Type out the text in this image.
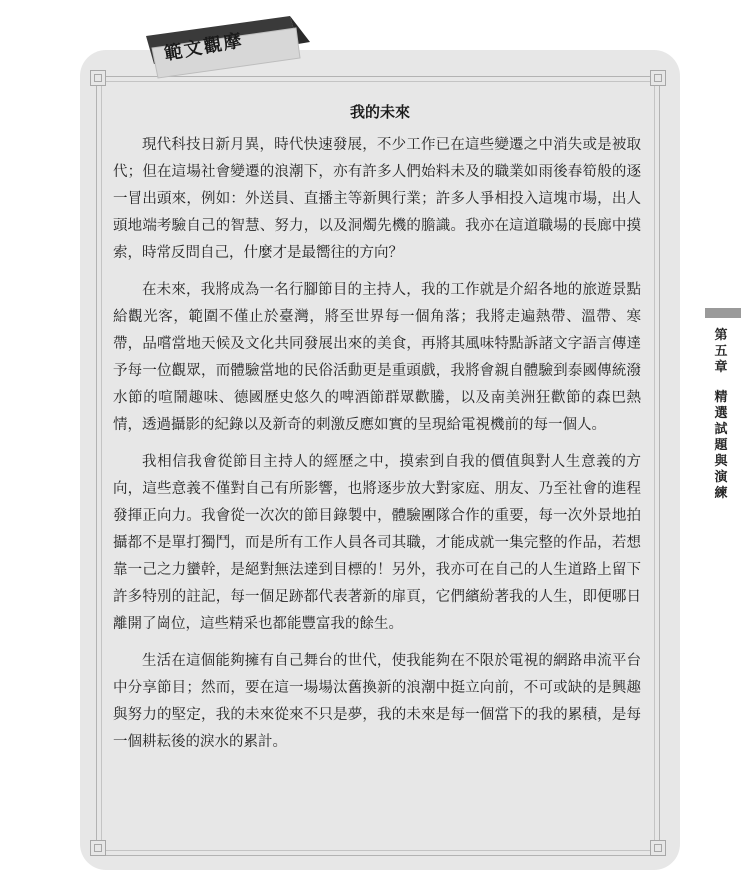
範文觀摩
第五章
精選試題與演練
我的未來

現代科技日新月異，時代快速發展，不少工作已在這些變遷之中消失或是被取代；但在這場社會變遷的浪潮下，亦有許多人們始料未及的職業如雨後春筍般的逐一冒出頭來，例如：外送員、直播主等新興行業；許多人爭相投入這塊市場，出人頭地端考驗自己的智慧、努力，以及洞燭先機的膽識。我亦在這道職場的長廊中摸索，時常反問自己，什麼才是最嚮往的方向？

在未來，我將成為一名行腳節目的主持人，我的工作就是介紹各地的旅遊景點給觀光客，範圍不僅止於臺灣，將至世界每一個角落；我將走遍熱帶、溫帶、寒帶，品嚐當地天候及文化共同發展出來的美食，再將其風味特點訴諸文字語言傳達予每一位觀眾，而體驗當地的民俗活動更是重頭戲，我將會親自體驗到泰國傳統潑水節的喧鬧趣味、德國歷史悠久的啤酒節群眾歡騰，以及南美洲狂歡節的森巴熱情，透過攝影的紀錄以及新奇的刺激反應如實的呈現給電視機前的每一個人。

我相信我會從節目主持人的經歷之中，摸索到自我的價值與對人生意義的方向，這些意義不僅對自己有所影響，也將逐步放大對家庭、朋友、乃至社會的進程發揮正向力。我會從一次次的節目錄製中，體驗團隊合作的重要，每一次外景地拍攝都不是單打獨鬥，而是所有工作人員各司其職，才能成就一集完整的作品，若想靠一己之力蠻幹，是絕對無法達到目標的！另外，我亦可在自己的人生道路上留下許多特別的註記，每一個足跡都代表著新的扉頁，它們繽紛著我的人生，即便哪日離開了崗位，這些精采也都能豐富我的餘生。

生活在這個能夠擁有自己舞台的世代，使我能夠在不限於電視的網路串流平台中分享節目；然而，要在這一場場汰舊換新的浪潮中挺立向前，不可或缺的是興趣與努力的堅定，我的未來從來不只是夢，我的未來是每一個當下的我的累積，是每一個耕耘後的淚水的累計。
